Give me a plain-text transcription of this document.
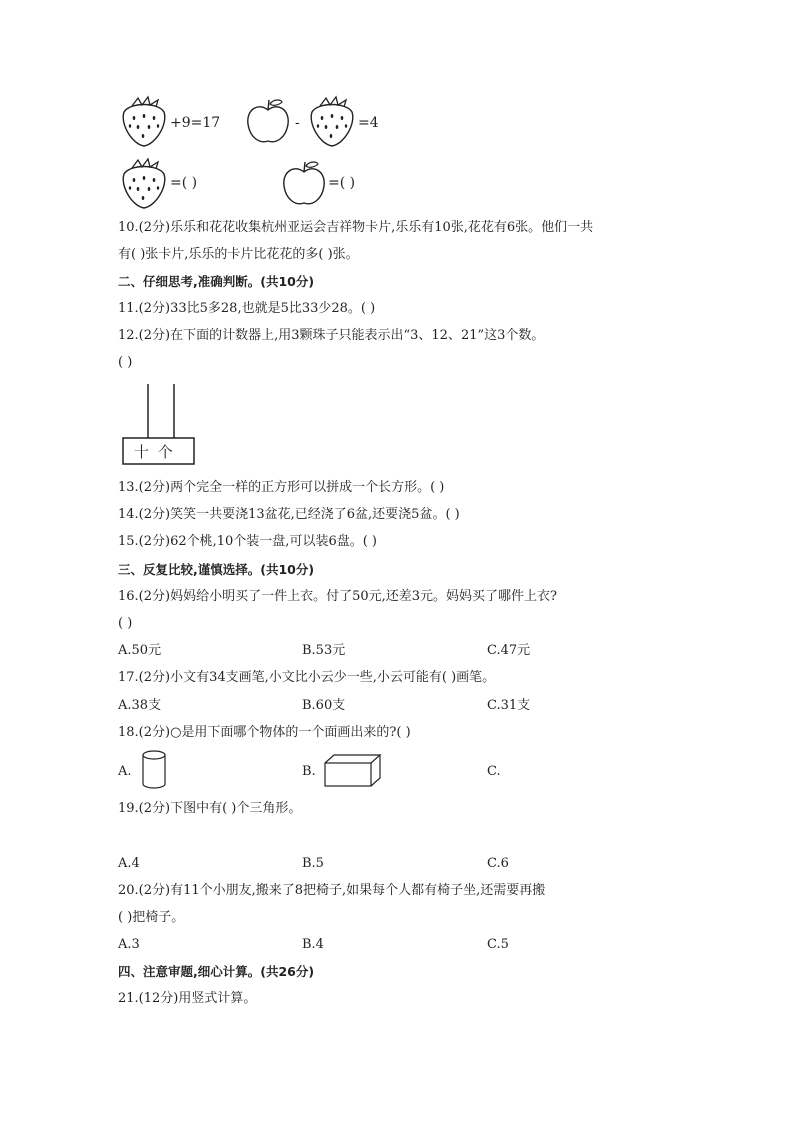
+9=17	-	=4
=( )	=( )
10.(2分)乐乐和花花收集杭州亚运会吉祥物卡片,乐乐有10张,花花有6张。他们一共
有( )张卡片,乐乐的卡片比花花的多( )张。
二、仔细思考,准确判断。(共10分)
11.(2分)33比5多28,也就是5比33少28。( )
12.(2分)在下面的计数器上,用3颗珠子只能表示出“3、12、21”这3个数。
( )
十 个
13.(2分)两个完全一样的正方形可以拼成一个长方形。( )
14.(2分)笑笑一共要浇13盆花,已经浇了6盆,还要浇5盆。( )
15.(2分)62个桃,10个装一盘,可以装6盘。( )
三、反复比较,谨慎选择。(共10分)
16.(2分)妈妈给小明买了一件上衣。付了50元,还差3元。妈妈买了哪件上衣?
( )
A.50元	B.53元	C.47元
17.(2分)小文有34支画笔,小文比小云少一些,小云可能有( )画笔。
A.38支	B.60支	C.31支
18.(2分)○是用下面哪个物体的一个面画出来的?( )
A.	B.	C.
19.(2分)下图中有( )个三角形。
A.4	B.5	C.6
20.(2分)有11个小朋友,搬来了8把椅子,如果每个人都有椅子坐,还需要再搬
( )把椅子。
A.3	B.4	C.5
四、注意审题,细心计算。(共26分)
21.(12分)用竖式计算。
